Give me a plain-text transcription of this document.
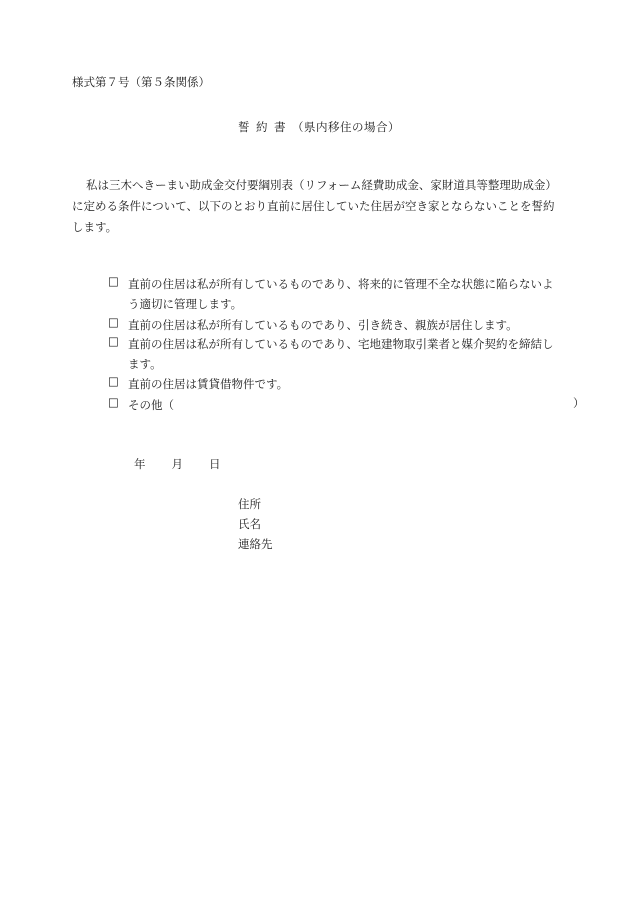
様式第７号（第５条関係）
誓 約 書 （県内移住の場合）
私は三木へきーまい助成金交付要綱別表（リフォーム経費助成金、家財道具等整理助成金）
に定める条件について、以下のとおり直前に居住していた住居が空き家とならないことを誓約
します。
□ 直前の住居は私が所有しているものであり、将来的に管理不全な状態に陥らないよ
う適切に管理します。
□ 直前の住居は私が所有しているものであり、引き続き、親族が居住します。
□ 直前の住居は私が所有しているものであり、宅地建物取引業者と媒介契約を締結し
ます。
□ 直前の住居は賃貸借物件です。
□ その他（	）
年 月 日
住所
氏名
連絡先
